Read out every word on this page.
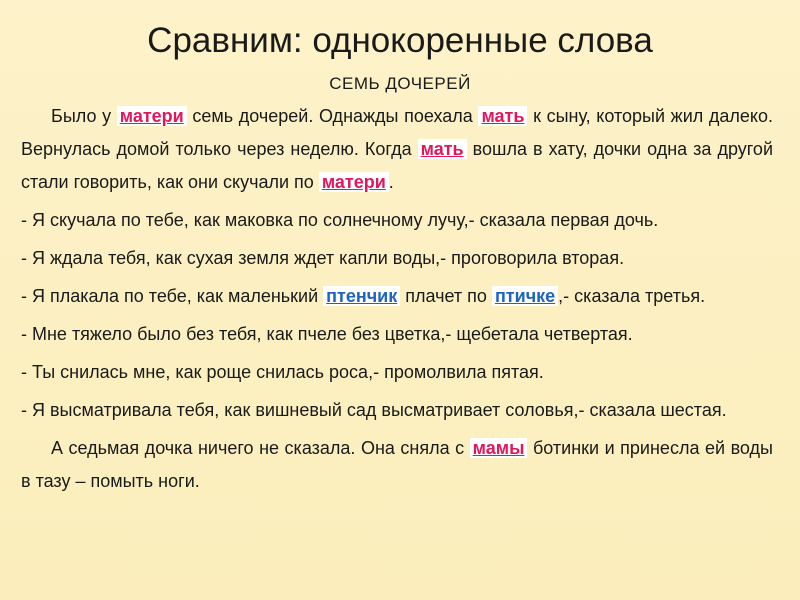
Сравним: однокоренные слова
СЕМЬ ДОЧЕРЕЙ

Было у матери семь дочерей. Однажды поехала мать к сыну, который жил далеко. Вернулась домой только через неделю. Когда мать вошла в хату, дочки одна за другой стали говорить, как они скучали по матери .

- Я скучала по тебе, как маковка по солнечному лучу,- сказала первая дочь.

- Я ждала тебя, как сухая земля ждет капли воды,- проговорила вторая.

- Я плакала по тебе, как маленький птенчик плачет по птичке ,- сказала третья.

- Мне тяжело было без тебя, как пчеле без цветка,- щебетала четвертая.

- Ты снилась мне, как роще снилась роса,- промолвила пятая.

- Я высматривала тебя, как вишневый сад высматривает соловья,- сказала шестая.

А седьмая дочка ничего не сказала. Она сняла с мамы ботинки и принесла ей воды в тазу – помыть ноги.
